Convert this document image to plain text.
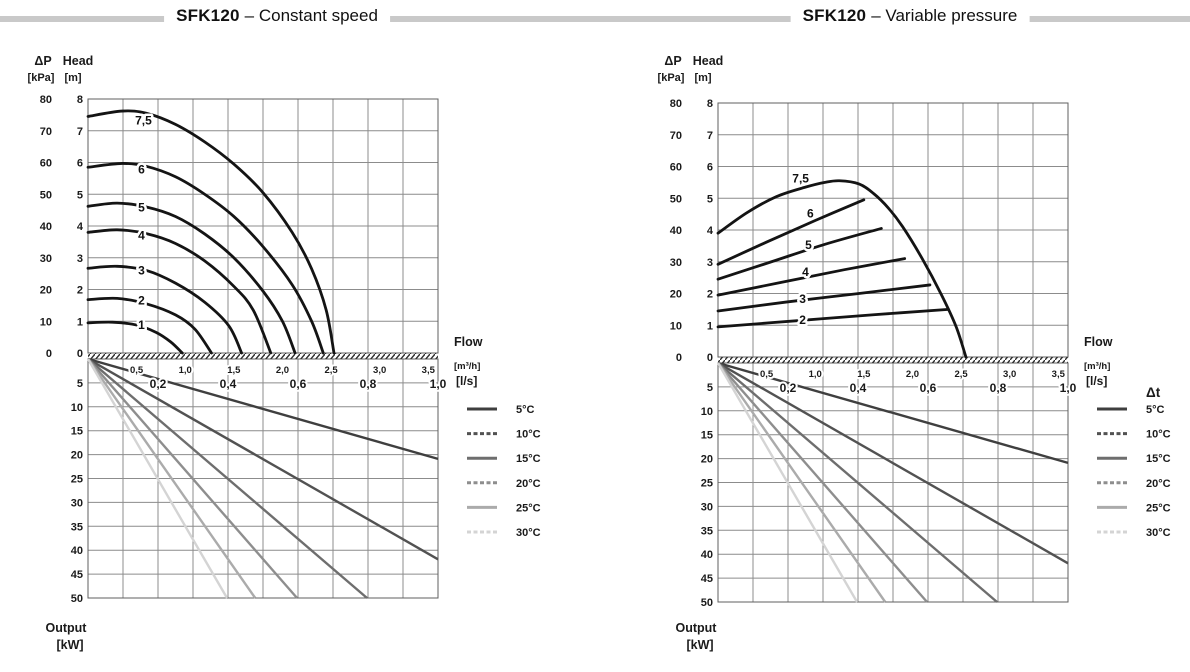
SFK120 – Constant speed	SFK120 – Variable pressure
ΔP Head
[kPa] [m]
Flow
[m³/h]
[l/s]
Output
[kW]
ΔP Head
[kPa] [m]
Flow
[m³/h]
[l/s]
Output
[kW]
1
2
3
4
5
6
7,5
80
70
60
50
40
30
20
10
0
8
7
6
5
4
3
2
1
0
5
10
15
20
25
30
35
40
45
50
0,5	1,0	1,5	2,0	2,5	3,0	3,5
0,2	0,4	0,6	0,8	1,0
5°C
10°C
15°C
20°C
25°C
30°C
2
3
4
5
6
7,5
80
70
60
50
40
30
20
10
0
8
7
6
5
4
3
2
1
0
5
10
15
20
25
30
35
40
45
50
0,5	1,0	1,5	2,0	2,5	3,0	3,5
0,2	0,4	0,6	0,8	1,0	Δt
5°C
10°C
15°C
20°C
25°C
30°C
